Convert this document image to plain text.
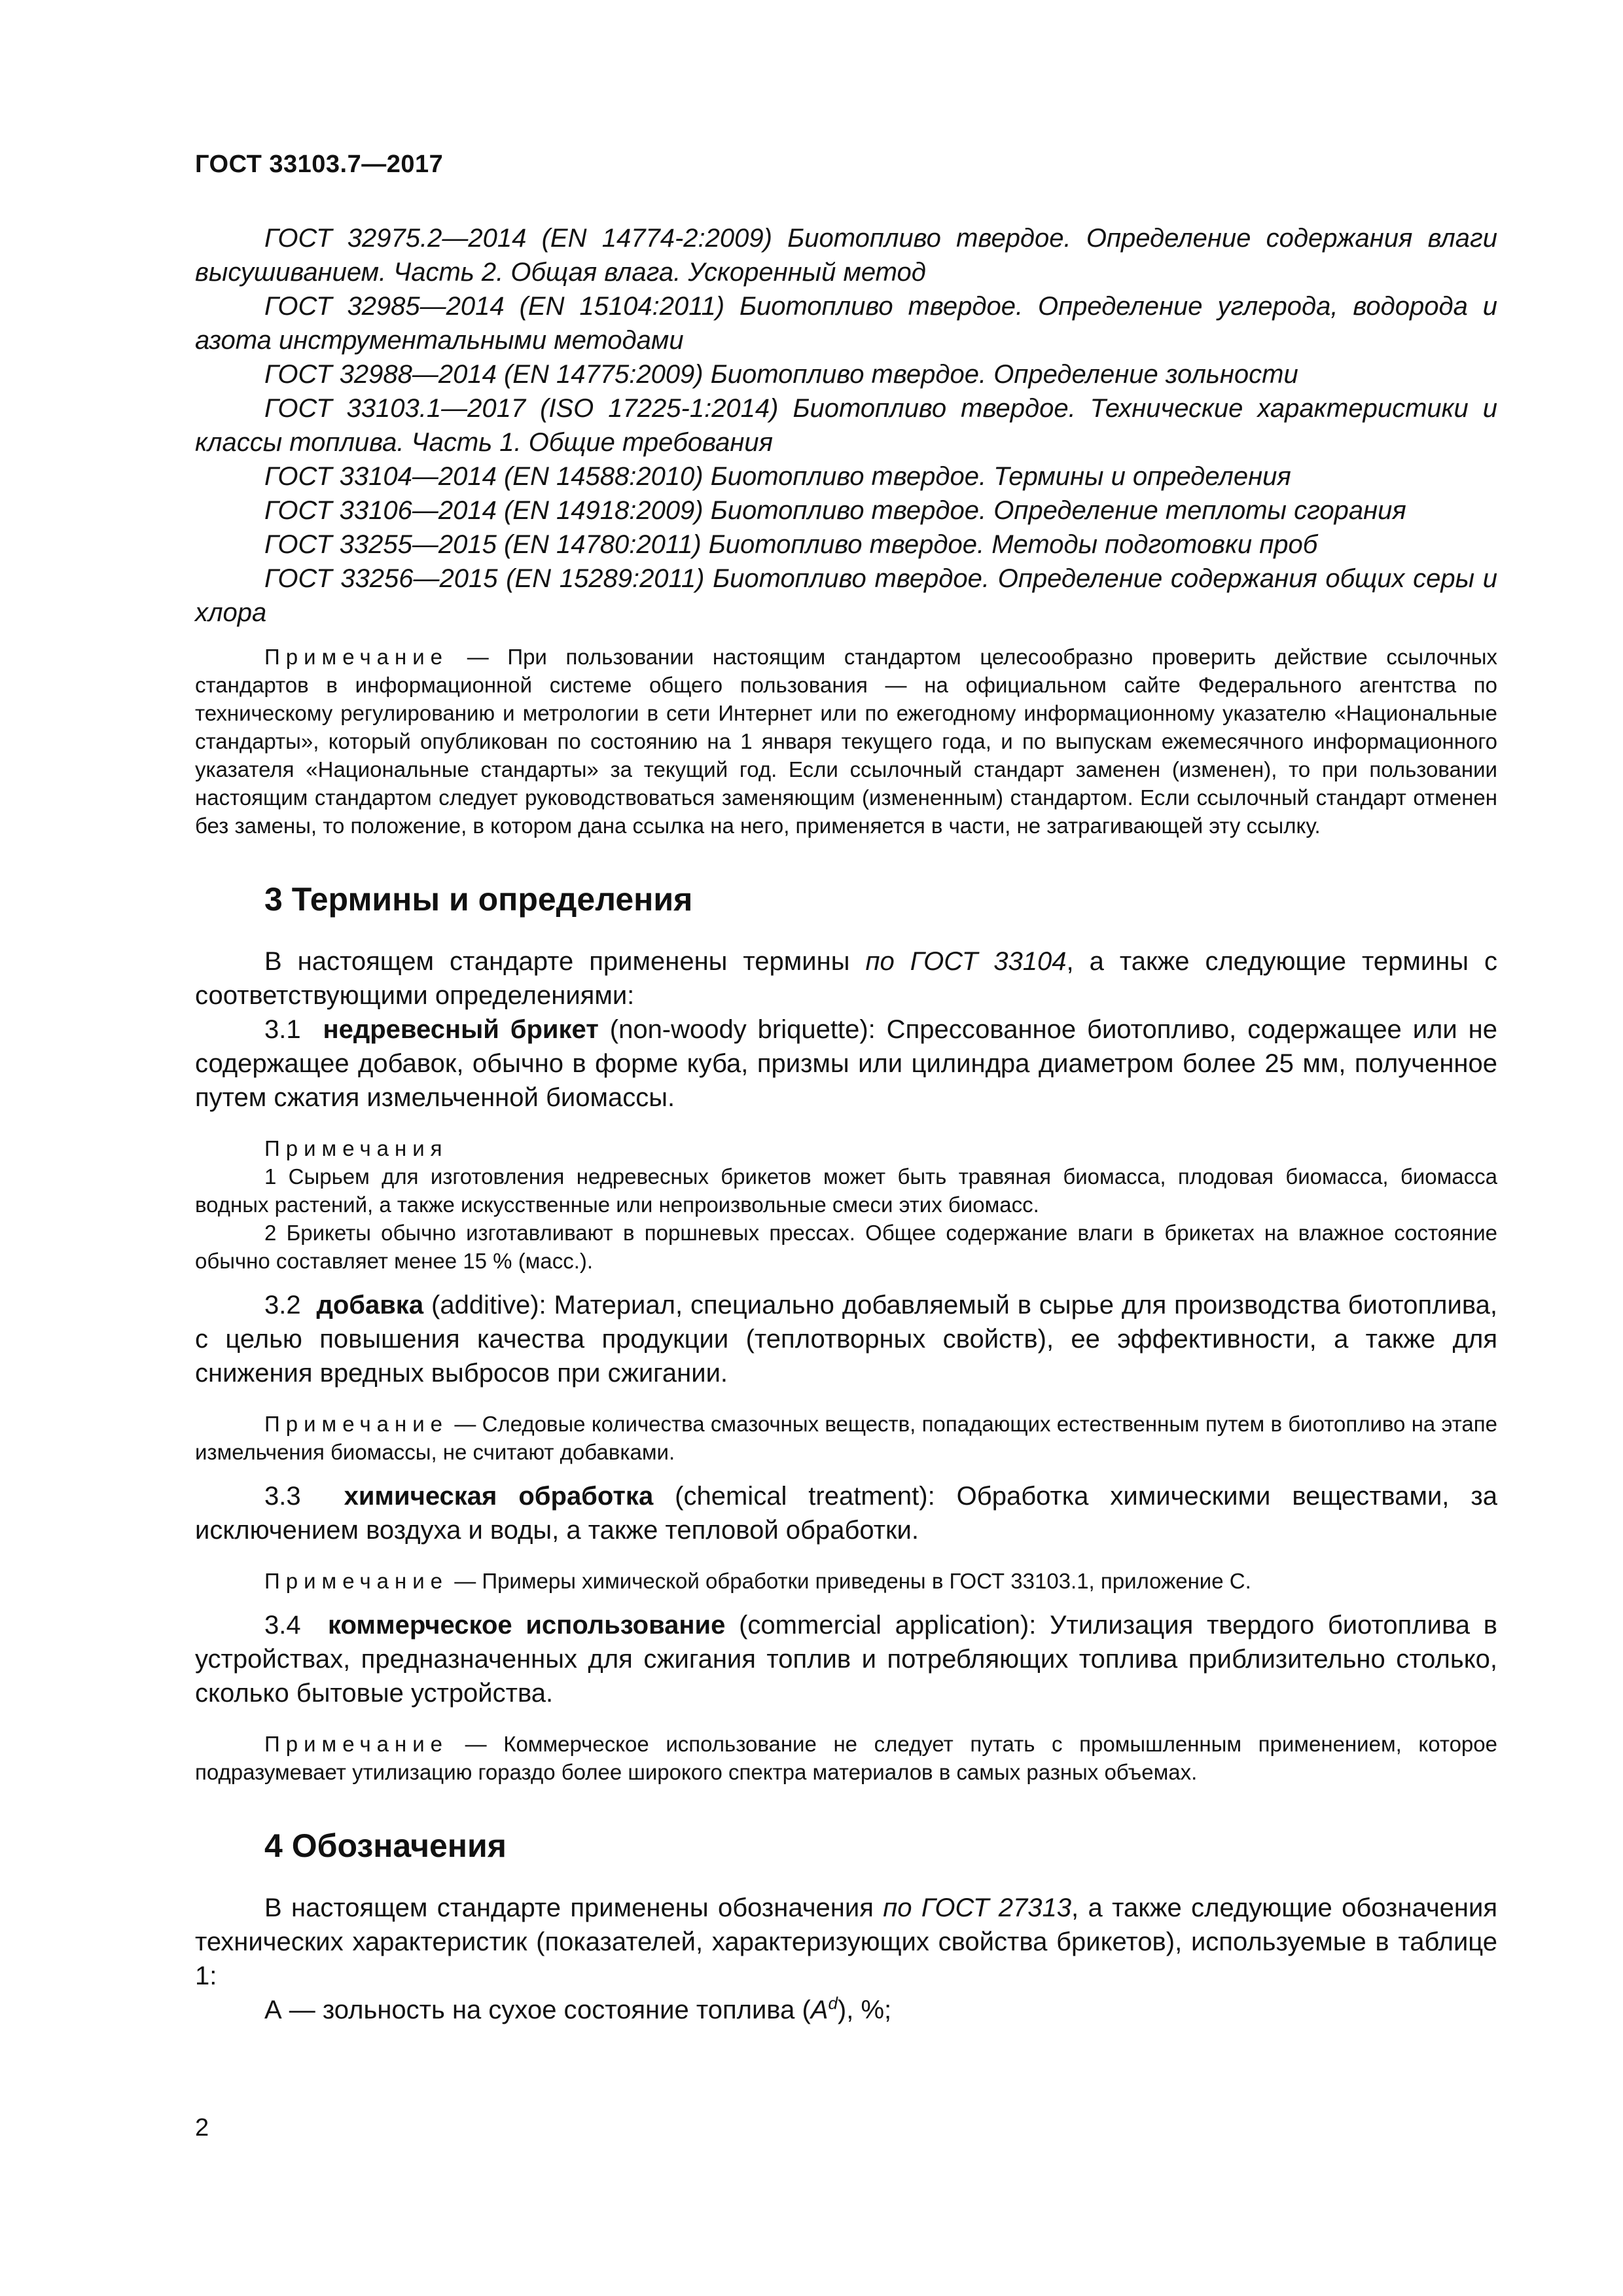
ГОСТ 33103.7—2017

ГОСТ 32975.2—2014 (EN 14774-2:2009) Биотопливо твердое. Определение содержания влаги высушиванием. Часть 2. Общая влага. Ускоренный метод

ГОСТ 32985—2014 (EN 15104:2011) Биотопливо твердое. Определение углерода, водорода и азота инструментальными методами

ГОСТ 32988—2014 (EN 14775:2009) Биотопливо твердое. Определение зольности

ГОСТ 33103.1—2017 (ISO 17225-1:2014) Биотопливо твердое. Технические характеристики и классы топлива. Часть 1. Общие требования

ГОСТ 33104—2014 (EN 14588:2010) Биотопливо твердое. Термины и определения

ГОСТ 33106—2014 (EN 14918:2009) Биотопливо твердое. Определение теплоты сгорания

ГОСТ 33255—2015 (EN 14780:2011) Биотопливо твердое. Методы подготовки проб

ГОСТ 33256—2015 (EN 15289:2011) Биотопливо твердое. Определение содержания общих серы и хлора

Примечание — При пользовании настоящим стандартом целесообразно проверить действие ссылочных стандартов в информационной системе общего пользования — на официальном сайте Федерального агентства по техническому регулированию и метрологии в сети Интернет или по ежегодному информационному указателю «Национальные стандарты», который опубликован по состоянию на 1 января текущего года, и по выпускам ежемесячного информационного указателя «Национальные стандарты» за текущий год. Если ссылочный стандарт заменен (изменен), то при пользовании настоящим стандартом следует руководствоваться заменяющим (измененным) стандартом. Если ссылочный стандарт отменен без замены, то положение, в котором дана ссылка на него, применяется в части, не затрагивающей эту ссылку.

3 Термины и определения

В настоящем стандарте применены термины по ГОСТ 33104, а также следующие термины с соответствующими определениями:

3.1 недревесный брикет (non-woody briquette): Спрессованное биотопливо, содержащее или не содержащее добавок, обычно в форме куба, призмы или цилиндра диаметром более 25 мм, полученное путем сжатия измельченной биомассы.

Примечания

1 Сырьем для изготовления недревесных брикетов может быть травяная биомасса, плодовая биомасса, биомасса водных растений, а также искусственные или непроизвольные смеси этих биомасс.

2 Брикеты обычно изготавливают в поршневых прессах. Общее содержание влаги в брикетах на влажное состояние обычно составляет менее 15 % (масс.).

3.2 добавка (additive): Материал, специально добавляемый в сырье для производства биотоплива, с целью повышения качества продукции (теплотворных свойств), ее эффективности, а также для снижения вредных выбросов при сжигании.

Примечание — Следовые количества смазочных веществ, попадающих естественным путем в биотопливо на этапе измельчения биомассы, не считают добавками.

3.3 химическая обработка (chemical treatment): Обработка химическими веществами, за исключением воздуха и воды, а также тепловой обработки.

Примечание — Примеры химической обработки приведены в ГОСТ 33103.1, приложение С.

3.4 коммерческое использование (commercial application): Утилизация твердого биотоплива в устройствах, предназначенных для сжигания топлив и потребляющих топлива приблизительно столько, сколько бытовые устройства.

Примечание — Коммерческое использование не следует путать с промышленным применением, которое подразумевает утилизацию гораздо более широкого спектра материалов в самых разных объемах.

4 Обозначения

В настоящем стандарте применены обозначения по ГОСТ 27313, а также следующие обозначения технических характеристик (показателей, характеризующих свойства брикетов), используемые в таблице 1:

А — зольность на сухое состояние топлива $(A^d)$, %;

2
